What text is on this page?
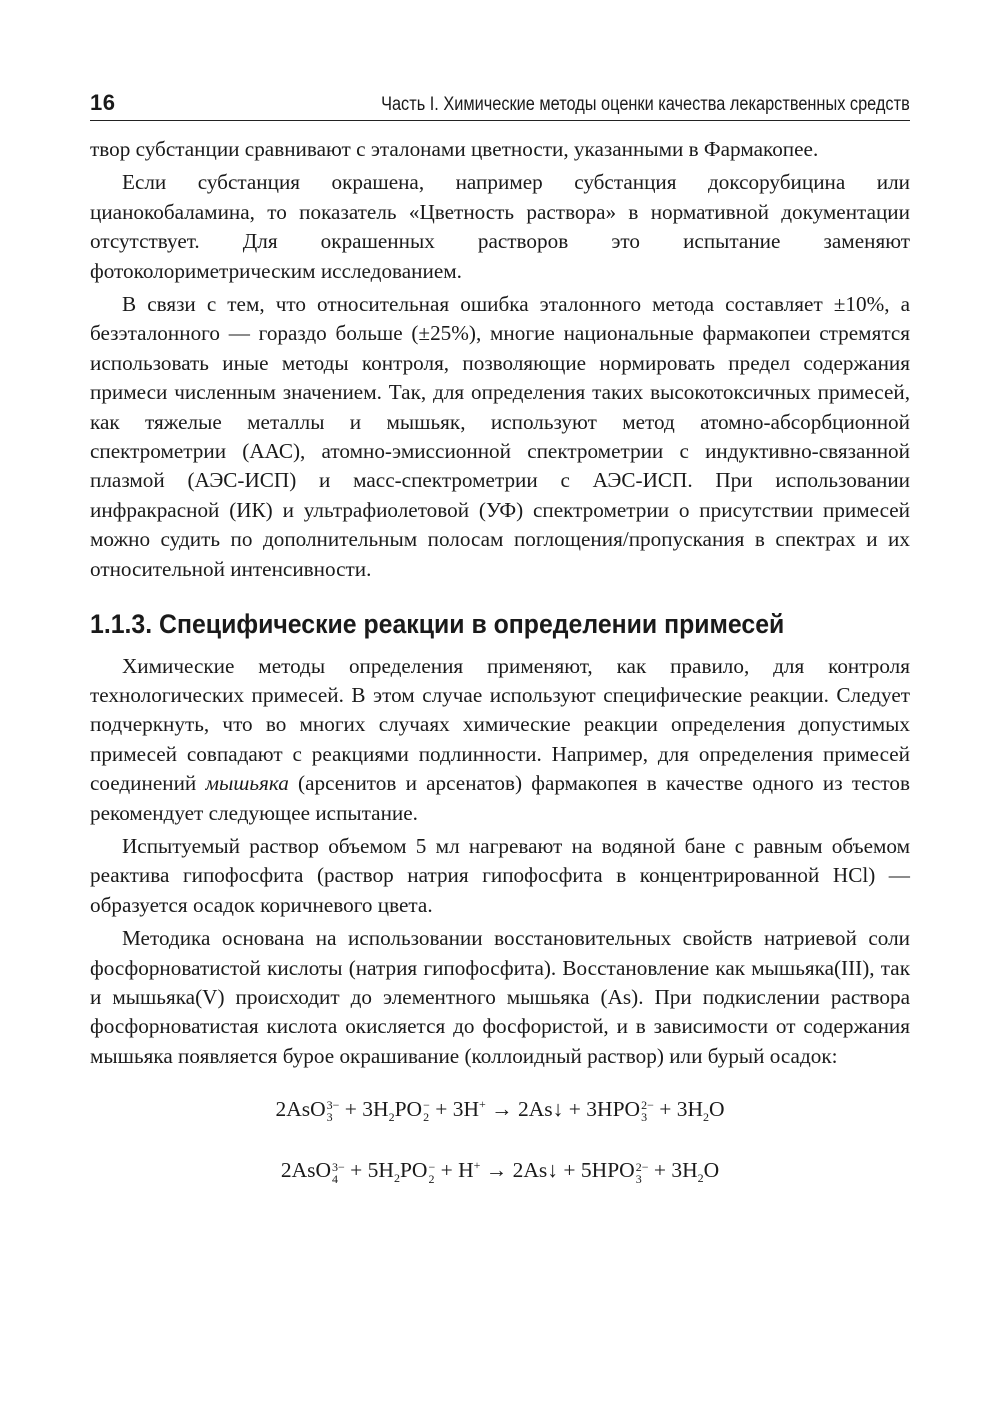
16	Часть I. Химические методы оценки качества лекарственных средств

твор субстанции сравнивают с эталонами цветности, указанными в Фармакопее.

Если субстанция окрашена, например субстанция доксорубицина или цианокобаламина, то показатель «Цветность раствора» в нормативной документации отсутствует. Для окрашенных растворов это испытание заменяют фотоколориметрическим исследованием.

В связи с тем, что относительная ошибка эталонного метода составляет ±10%, а безэталонного — гораздо больше (±25%), многие национальные фармакопеи стремятся использовать иные методы контроля, позволяющие нормировать предел содержания примеси численным значением. Так, для определения таких высокотоксичных примесей, как тяжелые металлы и мышьяк, используют метод атомно-абсорбционной спектрометрии (ААС), атомно-эмиссионной спектрометрии с индуктивно-связанной плазмой (АЭС-ИСП) и масс-спектрометрии с АЭС-ИСП. При использовании инфракрасной (ИК) и ультрафиолетовой (УФ) спектрометрии о присутствии примесей можно судить по дополнительным полосам поглощения/пропускания в спектрах и их относительной интенсивности.

1.1.3. Специфические реакции в определении примесей

Химические методы определения применяют, как правило, для контроля технологических примесей. В этом случае используют специфические реакции. Следует подчеркнуть, что во многих случаях химические реакции определения допустимых примесей совпадают с реакциями подлинности. Например, для определения примесей соединений мышьяка (арсенитов и арсенатов) фармакопея в качестве одного из тестов рекомендует следующее испытание.

Испытуемый раствор объемом 5 мл нагревают на водяной бане с равным объемом реактива гипофосфита (раствор натрия гипофосфита в концентрированной HCl) — образуется осадок коричневого цвета.

Методика основана на использовании восстановительных свойств натриевой соли фосфорноватистой кислоты (натрия гипофосфита). Восстановление как мышьяка(III), так и мышьяка(V) происходит до элементного мышьяка (As). При подкислении раствора фосфорноватистая кислота окисляется до фосфористой, и в зависимости от содержания мышьяка появляется бурое окрашивание (коллоидный раствор) или бурый осадок:

2AsO 3−
$3 + 3H_2PO$ −
2 + 3H+ → 2As↓ + 3HPO 2−
$3 + 3H_2O$
2AsO 3−
$4 + 5H_2PO$ −
2 + H+ → 2As↓ + 5HPO 2−
$3 + 3H_2O$
